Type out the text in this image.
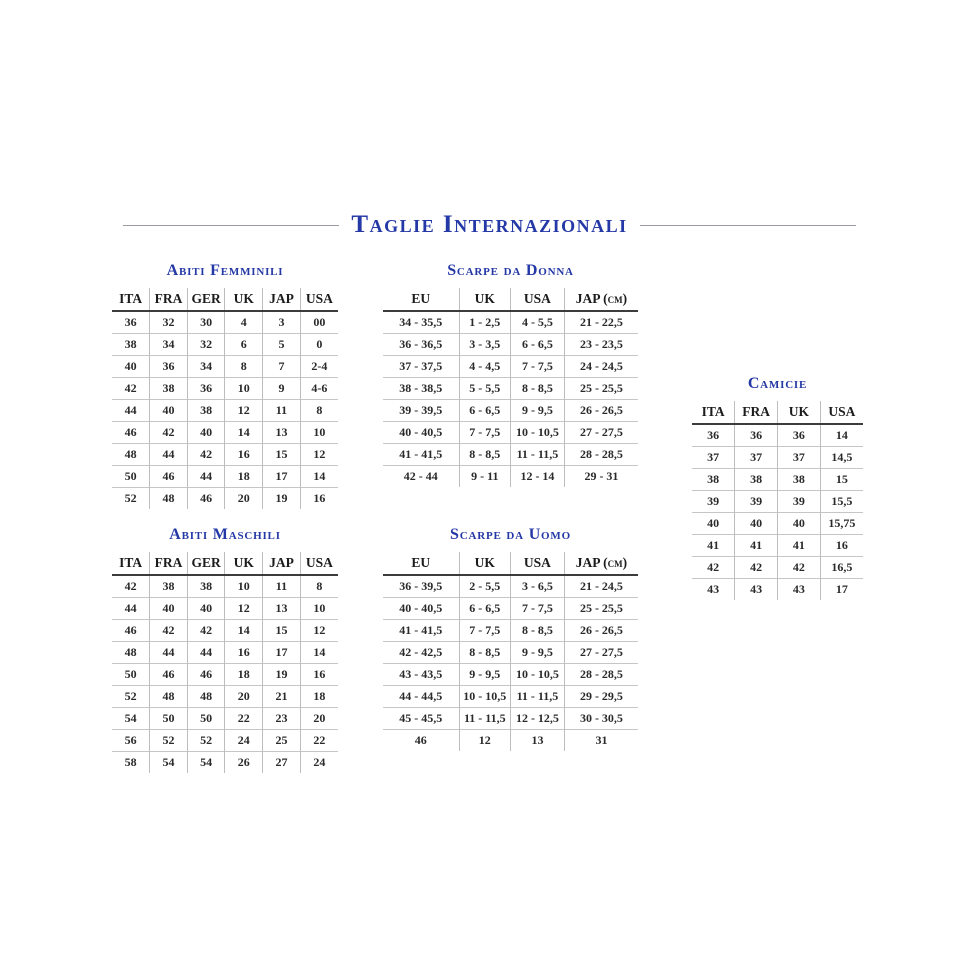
Taglie Internazionali
Abiti Femminili
ITA	FRA	GER	UK	JAP	USA
36	32	30	4	3	00
38	34	32	6	5	0
40	36	34	8	7	2-4
42	38	36	10	9	4-6
44	40	38	12	11	8
46	42	40	14	13	10
48	44	42	16	15	12
50	46	44	18	17	14
52	48	46	20	19	16
Scarpe da Donna
EU	UK	USA	JAP (cm)
34 - 35,5	1 - 2,5	4 - 5,5	21 - 22,5
36 - 36,5	3 - 3,5	6 - 6,5	23 - 23,5
37 - 37,5	4 - 4,5	7 - 7,5	24 - 24,5
38 - 38,5	5 - 5,5	8 - 8,5	25 - 25,5
39 - 39,5	6 - 6,5	9 - 9,5	26 - 26,5
40 - 40,5	7 - 7,5	10 - 10,5	27 - 27,5
41 - 41,5	8 - 8,5	11 - 11,5	28 - 28,5
42 - 44	9 - 11	12 - 14	29 - 31
Camicie
ITA	FRA	UK	USA
36	36	36	14
37	37	37	14,5
38	38	38	15
39	39	39	15,5
40	40	40	15,75
41	41	41	16
42	42	42	16,5
43	43	43	17
Abiti Maschili
ITA	FRA	GER	UK	JAP	USA
42	38	38	10	11	8
44	40	40	12	13	10
46	42	42	14	15	12
48	44	44	16	17	14
50	46	46	18	19	16
52	48	48	20	21	18
54	50	50	22	23	20
56	52	52	24	25	22
58	54	54	26	27	24
Scarpe da Uomo
EU	UK	USA	JAP (cm)
36 - 39,5	2 - 5,5	3 - 6,5	21 - 24,5
40 - 40,5	6 - 6,5	7 - 7,5	25 - 25,5
41 - 41,5	7 - 7,5	8 - 8,5	26 - 26,5
42 - 42,5	8 - 8,5	9 - 9,5	27 - 27,5
43 - 43,5	9 - 9,5	10 - 10,5	28 - 28,5
44 - 44,5	10 - 10,5	11 - 11,5	29 - 29,5
45 - 45,5	11 - 11,5	12 - 12,5	30 - 30,5
46	12	13	31
